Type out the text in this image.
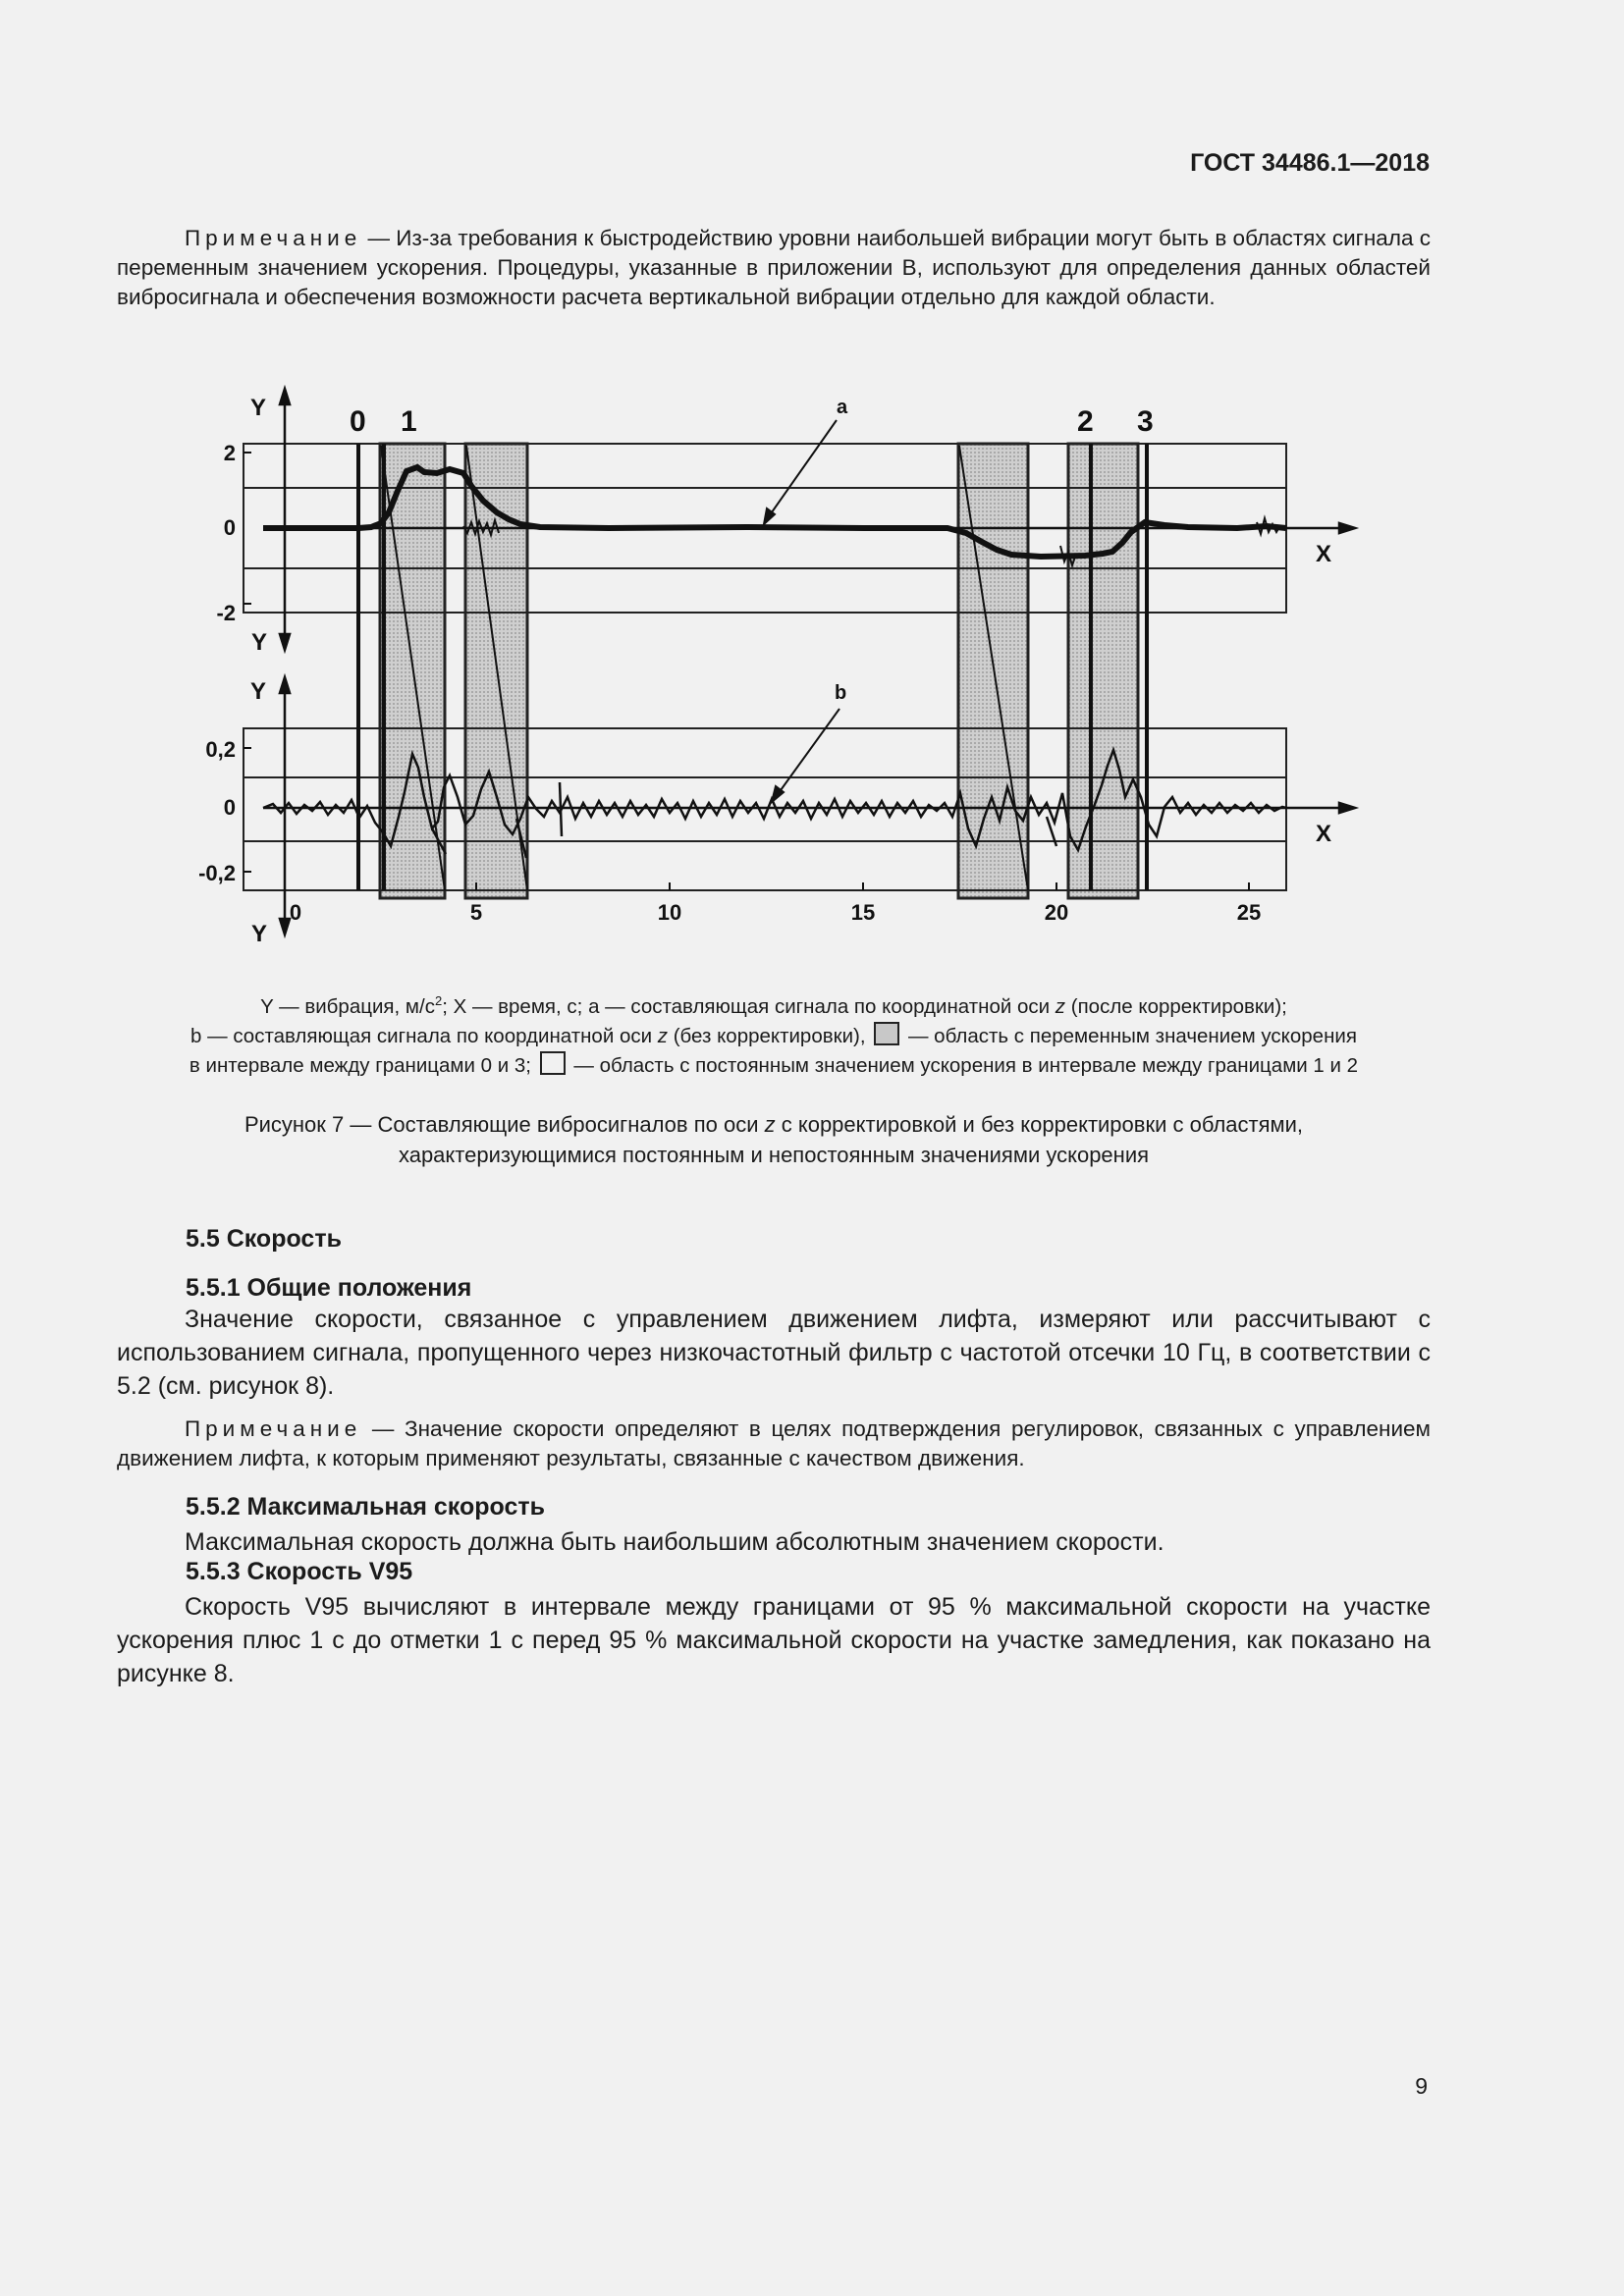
ГОСТ 34486.1—2018

Примечание — Из-за требования к быстродействию уровни наибольшей вибрации могут быть в областях сигнала с переменным значением ускорения. Процедуры, указанные в приложении В, используют для определения данных областей вибросигнала и обеспечения возможности расчета вертикальной вибрации отдельно для каждой области.

a
b
0 1	2 3
Y
Y
X
Y
Y
X
2
0
-2
0,2
0
-0,2
0	5	10	15	20	25
Y — вибрация, $м/с^2$; X — время, с; a — составляющая сигнала по координатной оси z (после корректировки);
b — составляющая сигнала по координатной оси z (без корректировки),  — область с переменным значением ускорения
в интервале между границами 0 и 3;  — область с постоянным значением ускорения в интервале между границами 1 и 2
Рисунок 7 — Составляющие вибросигналов по оси z с корректировкой и без корректировки с областями,
характеризующимися постоянным и непостоянным значениями ускорения
5.5 Скорость
5.5.1 Общие положения

Значение скорости, связанное с управлением движением лифта, измеряют или рассчитывают с использованием сигнала, пропущенного через низкочастотный фильтр с частотой отсечки 10 Гц, в соответствии с 5.2 (см. рисунок 8).

Примечание — Значение скорости определяют в целях подтверждения регулировок, связанных с управлением движением лифта, к которым применяют результаты, связанные с качеством движения.

5.5.2 Максимальная скорость

Максимальная скорость должна быть наибольшим абсолютным значением скорости.

5.5.3 Скорость V95

Скорость V95 вычисляют в интервале между границами от 95 % максимальной скорости на участке ускорения плюс 1 с до отметки 1 с перед 95 % максимальной скорости на участке замедления, как показано на рисунке 8.

9
